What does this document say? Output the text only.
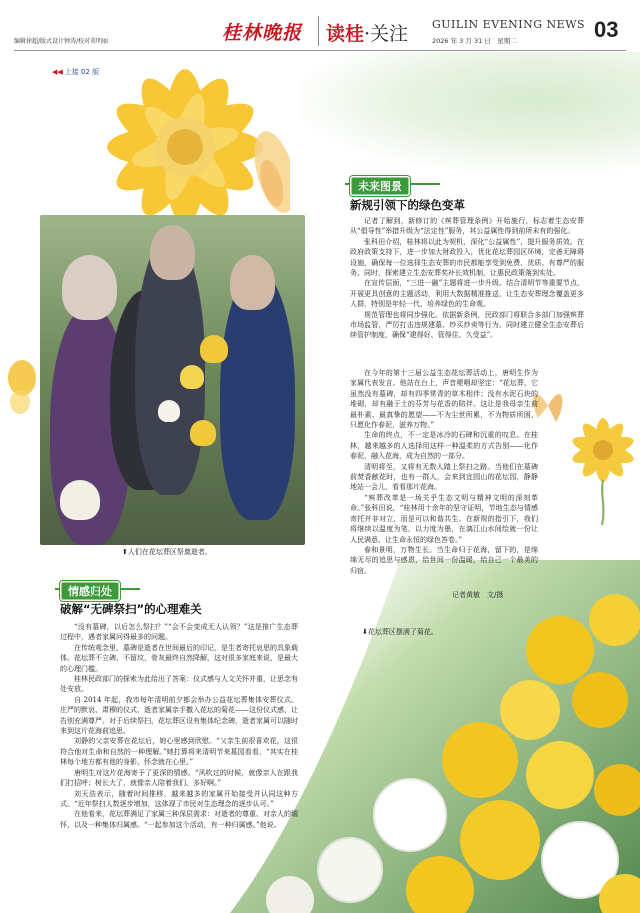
编辑徐超/版式设计钟涛/校对莫明丽	桂林晚报 读桂·关注 GUILIN EVENING NEWS
2026 年 3 月 31 日　星期二	03
◀◀ 上接 02 版
⬆人们在花坛葬区祭奠逝者。
未来图景
新规引领下的绿色变革

记者了解到，新修订的《殡葬管理条例》开始施行，标志着生态安葬从“倡导性”举措升级为“法定性”服务，其公益属性得到前所未有的强化。

张科田介绍，桂林将以此为契机，深化“公益属性”，提升服务质效。在政府政策支持下，进一步加大财政投入，优化花坛葬园区环境，完善无障碍设施，确保每一位选择生态安葬的市民都能享受到免费、优质、有尊严的服务。同时，探索建立生态安葬奖补长效机制，让惠民政策落到实处。

在宣传层面，“三进一融”主题将进一步升级。结合清明节等重要节点，开展更具创意的主题活动，利用大数据精准推送，让生态安葬理念覆盖更多人群，特别是年轻一代，培养绿色的生命观。

规范管理也将同步强化。依据新条例，民政部门将联合多部门加强殡葬市场监管，严厉打击违规建墓、炒买炒卖等行为。同时建立健全生态安葬后续管护制度，确保“建得好、管得住、久受益”。

在今年的第十三届公益生态花坛葬活动上，唐明生作为家属代表发言。他站在台上，声音哽咽却坚定：“花坛葬，它虽然没有墓碑，却有四季常青的草木相伴；没有水泥石块的堆砌，却有融于土的芬芳与花香的陪伴。这让是我母亲生前最朴素、最真挚的愿望——不为尘世所累，不为物质所困，只愿化作春泥，滋养万物。”

生命的终点，不一定是冰冷的石碑和沉重的叹息。在桂林，越来越多的人选择用这样一种温柔的方式告别——化作春泥，融入花海，成为自然的一部分。

清明将至，又将有无数人踏上祭扫之路。当他们在墓碑前焚香献花时，也有一群人，会来到宜园山的花坛园，静静地站一会儿，看看那片花海。

“殡葬改革是一场关乎生态文明与精神文明的深刻革命。”张科田说，“桂林用十余年的坚守证明，节地生态与情感寄托并非对立，而是可以和谐共生。在新规的指引下，我们将继续以温度为笔，以力度为墨，在漓江山水间绘就一份让人民满意、让生命永恒的绿色答卷。”

春和景明，万物生长。当生命归于花海，留下的，是绵绵无尽的追思与感恩，给世间一份温暖，给自己一个最美的归宿。

记者黄敏　文/摄
⬇花坛葬区摆满了菊花。
情感归处
破解“无碑祭扫”的心理难关

“没有墓碑，以后怎么祭扫？”“会不会变成无人认领？”这是推广生态葬过程中，遇者家属问得最多的问题。

在传统观念里，墓碑是逝者在世间最后的印记，是生者寄托哀思的具象载体。花坛葬不立碑、不留坟，骨灰最终自然降解，这对很多家庭来说，是最大的心理门槛。

桂林民政部门的探索为此给出了答案：仪式感与人文关怀并重，让思念有处安放。

自 2014 年起，我市每年清明前夕都会举办公益花坛葬集体安葬仪式。庄严的默哀、肃穆的仪式、逝者家属亲手撒入花坛的菊花——这份仪式感，让告别充满尊严。对于后续祭扫，花坛葬区设有集体纪念碑，逝者家属可以随时来到这片花海前追思。

刘静的父亲安葬在花坛后，她心里感到欣慰。“父亲生前很喜欢花，这很符合他对生命和自然的一种理解。”她打算将来清明节来墓园看看，“其实在桂林每个地方都有他的身影，怀念就在心里。”

唐明生对这片花海寄予了更深的情感。“风吹过的时候，就像亲人在跟我们打招呼；树长大了，就像亲人陪着我们，多好啊。”

刘天浩表示，随着时间推移，越来越多的家属开始接受并认同这种方式。“近年祭扫人数逐步增加，这体现了市民对生态理念的逐步认可。”

在他看来，花坛葬满足了家属三种深层需求：对逝者的尊重、对亲人的缅怀，以及一种集体归属感。“一起参加这个活动，有一种归属感。”他说。
